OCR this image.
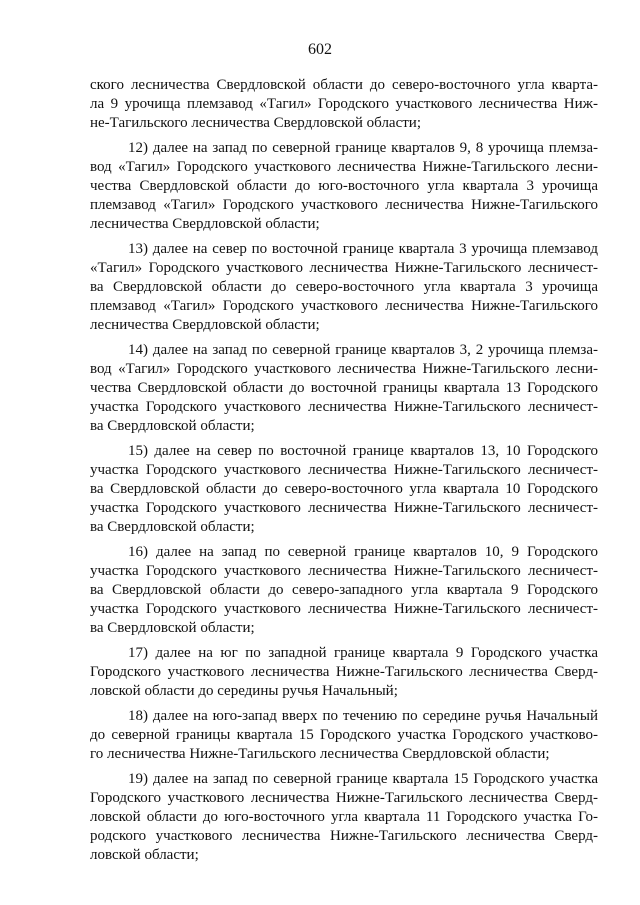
602
ского лесничества Свердловской области до северо-восточного угла кварта-
ла 9 урочища племзавод «Тагил» Городского участкового лесничества Ниж-
не-Тагильского лесничества Свердловской области;
12) далее на запад по северной границе кварталов 9, 8 урочища племза-
вод «Тагил» Городского участкового лесничества Нижне-Тагильского лесни-
чества Свердловской области до юго-восточного угла квартала 3 урочища
племзавод «Тагил» Городского участкового лесничества Нижне-Тагильского
лесничества Свердловской области;
13) далее на север по восточной границе квартала 3 урочища племзавод
«Тагил» Городского участкового лесничества Нижне-Тагильского лесничест-
ва Свердловской области до северо-восточного угла квартала 3 урочища
племзавод «Тагил» Городского участкового лесничества Нижне-Тагильского
лесничества Свердловской области;
14) далее на запад по северной границе кварталов 3, 2 урочища племза-
вод «Тагил» Городского участкового лесничества Нижне-Тагильского лесни-
чества Свердловской области до восточной границы квартала 13 Городского
участка Городского участкового лесничества Нижне-Тагильского лесничест-
ва Свердловской области;
15) далее на север по восточной границе кварталов 13, 10 Городского
участка Городского участкового лесничества Нижне-Тагильского лесничест-
ва Свердловской области до северо-восточного угла квартала 10 Городского
участка Городского участкового лесничества Нижне-Тагильского лесничест-
ва Свердловской области;
16) далее на запад по северной границе кварталов 10, 9 Городского
участка Городского участкового лесничества Нижне-Тагильского лесничест-
ва Свердловской области до северо-западного угла квартала 9 Городского
участка Городского участкового лесничества Нижне-Тагильского лесничест-
ва Свердловской области;
17) далее на юг по западной границе квартала 9 Городского участка
Городского участкового лесничества Нижне-Тагильского лесничества Сверд-
ловской области до середины ручья Начальный;
18) далее на юго-запад вверх по течению по середине ручья Начальный
до северной границы квартала 15 Городского участка Городского участково-
го лесничества Нижне-Тагильского лесничества Свердловской области;
19) далее на запад по северной границе квартала 15 Городского участка
Городского участкового лесничества Нижне-Тагильского лесничества Сверд-
ловской области до юго-восточного угла квартала 11 Городского участка Го-
родского участкового лесничества Нижне-Тагильского лесничества Сверд-
ловской области;
